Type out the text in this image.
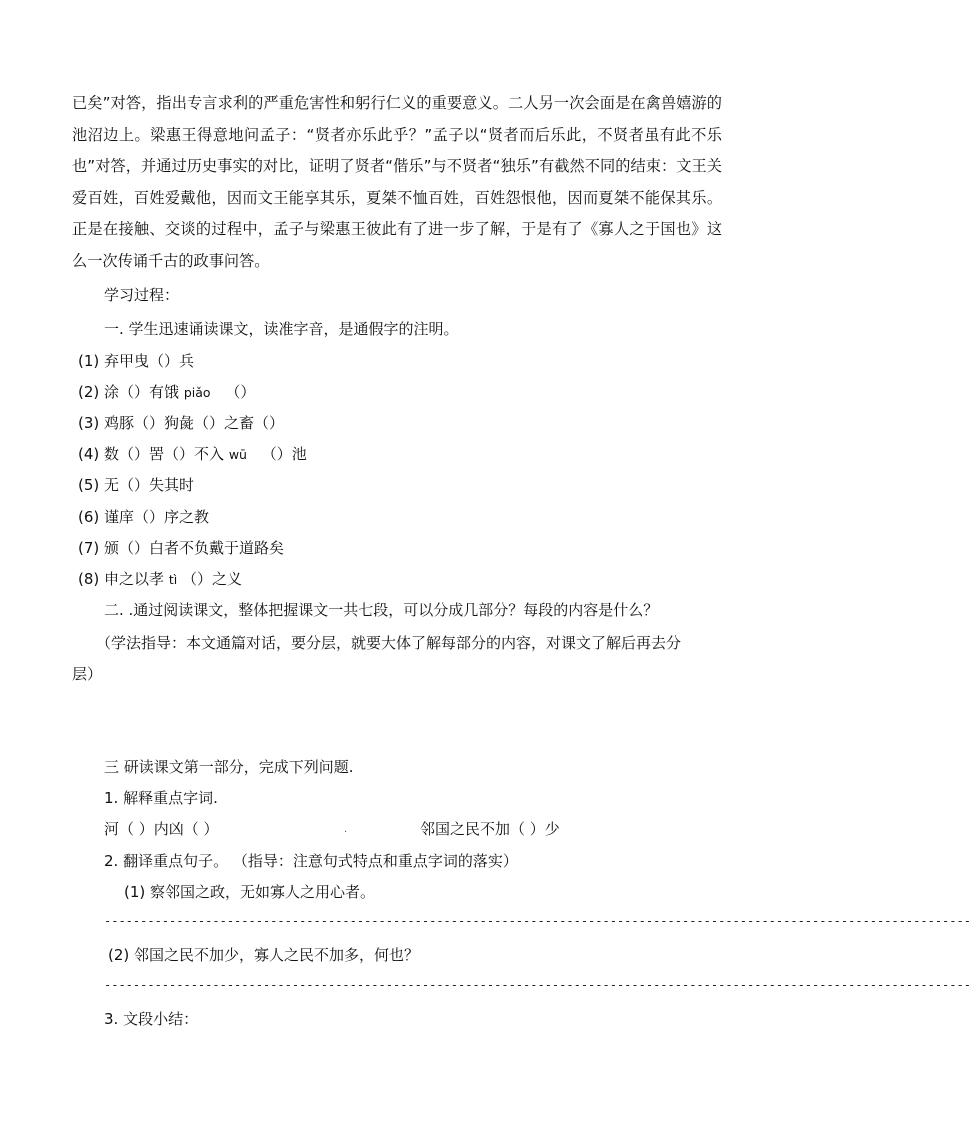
已矣”对答，指出专言求利的严重危害性和躬行仁义的重要意义。二人另一次会面是在禽兽嬉游的池沼边上。梁惠王得意地问孟子：“贤者亦乐此乎？”孟子以“贤者而后乐此，不贤者虽有此不乐也”对答，并通过历史事实的对比，证明了贤者“偕乐”与不贤者“独乐”有截然不同的结束：文王关爱百姓，百姓爱戴他，因而文王能享其乐，夏桀不恤百姓，百姓怨恨他，因而夏桀不能保其乐。正是在接触、交谈的过程中，孟子与梁惠王彼此有了进一步了解，于是有了《寡人之于国也》这么一次传诵千古的政事问答。

学习过程：
一. 学生迅速诵读课文，读准字音，是通假字的注明。
(1) 弃甲曳（）兵
(2) 涂（）有饿 piǎo （）
(3) 鸡豚（）狗彘（）之畜（）
(4) 数（）罟（）不入 wū （）池
(5) 无（）失其时
(6) 谨庠（）序之教
(7) 颁（）白者不负戴于道路矣
(8) 申之以孝 tì （）之义
二. .通过阅读课文，整体把握课文一共七段，可以分成几部分？每段的内容是什么？
（学法指导：本文通篇对话，要分层，就要大体了解每部分的内容，对课文了解后再去分
层）
三 研读课文第一部分，完成下列问题.
1. 解释重点字词.
河（ ）内凶（ ）	.	邻国之民不加（ ）少
2. 翻译重点句子。 （指导：注意句式特点和重点字词的落实）
(1) 察邻国之政，无如寡人之用心者。
------------------------------------------------------------------------------------------------------------------------
(2) 邻国之民不加少，寡人之民不加多，何也？
------------------------------------------------------------------------------------------------------------------------
3. 文段小结：
